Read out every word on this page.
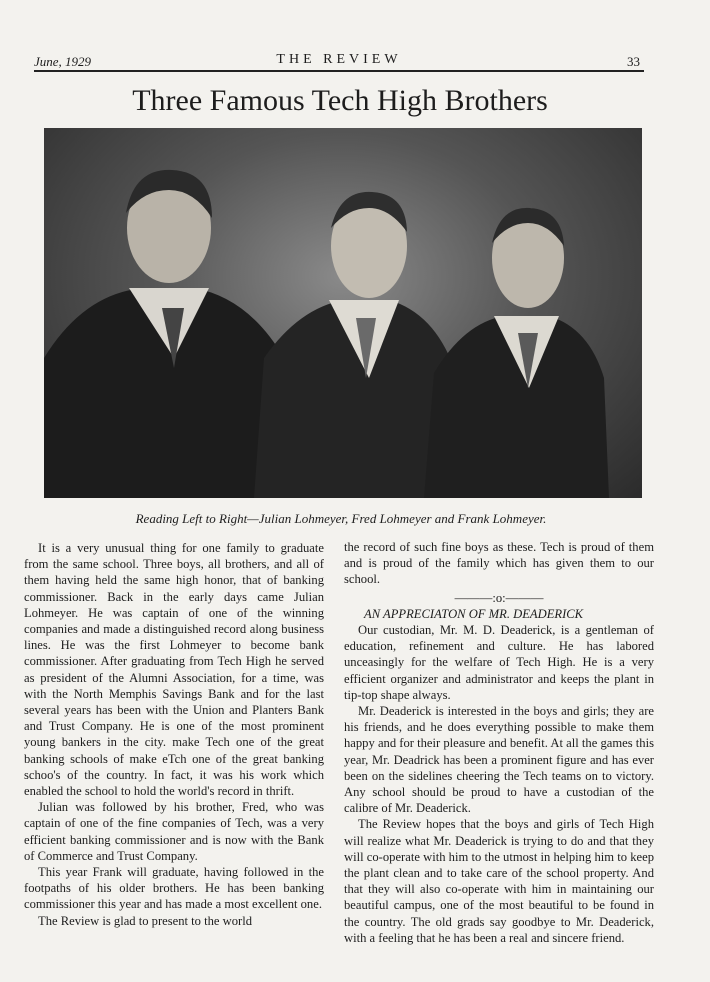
June, 1929	THE REVIEW	33
Three Famous Tech High Brothers
Reading Left to Right—Julian Lohmeyer, Fred Lohmeyer and Frank Lohmeyer.

It is a very unusual thing for one family to graduate from the same school. Three boys, all brothers, and all of them having held the same high honor, that of banking commissioner. Back in the early days came Julian Lohmeyer. He was captain of one of the winning companies and made a distinguished record along business lines. He was the first Lohmeyer to become bank commissioner. After graduating from Tech High he served as president of the Alumni Association, for a time, was with the North Memphis Savings Bank and for the last several years has been with the Union and Planters Bank and Trust Company. He is one of the most prominent young bankers in the city. make Tech one of the great banking schools of make eTch one of the great banking schoo's of the country. In fact, it was his work which enabled the school to hold the world's record in thrift.

Julian was followed by his brother, Fred, who was captain of one of the fine companies of Tech, was a very efficient banking commissioner and is now with the Bank of Commerce and Trust Company.

This year Frank will graduate, having followed in the footpaths of his older brothers. He has been banking commissioner this year and has made a most excellent one.

The Review is glad to present to the world

the record of such fine boys as these. Tech is proud of them and is proud of the family which has given them to our school.

———:o:———

AN APPRECIATON OF MR. DEADERICK

Our custodian, Mr. M. D. Deaderick, is a gentleman of education, refinement and culture. He has labored unceasingly for the welfare of Tech High. He is a very efficient organizer and administrator and keeps the plant in tip-top shape always.

Mr. Deaderick is interested in the boys and girls; they are his friends, and he does everything possible to make them happy and for their pleasure and benefit. At all the games this year, Mr. Deadrick has been a prominent figure and has ever been on the sidelines cheering the Tech teams on to victory. Any school should be proud to have a custodian of the calibre of Mr. Deaderick.

The Review hopes that the boys and girls of Tech High will realize what Mr. Deaderick is trying to do and that they will co-operate with him to the utmost in helping him to keep the plant clean and to take care of the school property. And that they will also co-operate with him in maintaining our beautiful campus, one of the most beautiful to be found in the country. The old grads say goodbye to Mr. Deaderick, with a feeling that he has been a real and sincere friend.
